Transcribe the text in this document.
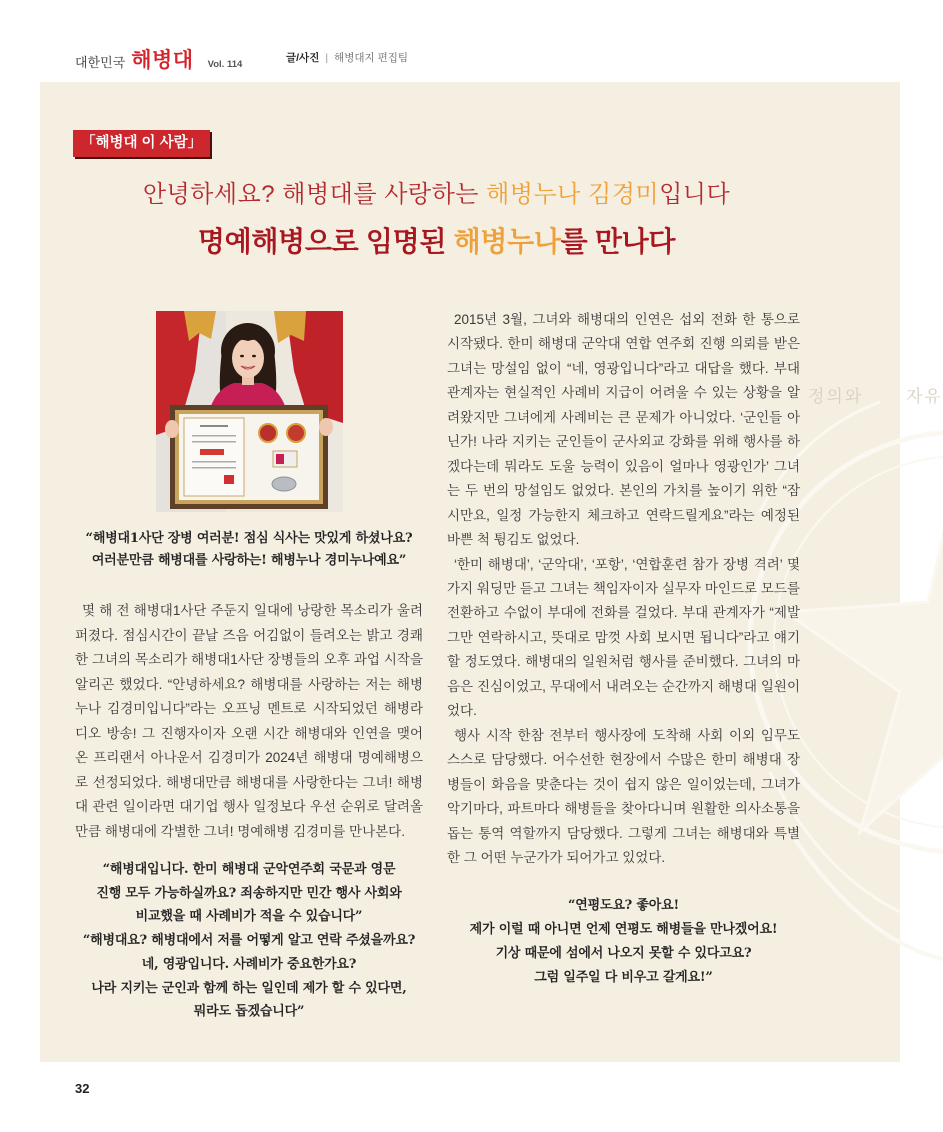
대한민국 해병대 Vol. 114
글/사진 | 해병대지 편집팀
정의와 자유
「해병대 이 사람」
안녕하세요? 해병대를 사랑하는 해병누나 김경미입니다
명예해병으로 임명된 해병누나를 만나다
“해병대1사단 장병 여러분! 점심 식사는 맛있게 하셨나요?
여러분만큼 해병대를 사랑하는! 해병누나 경미누나예요”

몇 해 전 해병대1사단 주둔지 일대에 낭랑한 목소리가 울려 퍼졌다. 점심시간이 끝날 즈음 어김없이 들려오는 밝고 경쾌한 그녀의 목소리가 해병대1사단 장병들의 오후 과업 시작을 알리곤 했었다. “안녕하세요? 해병대를 사랑하는 저는 해병누나 김경미입니다”라는 오프닝 멘트로 시작되었던 해병라디오 방송! 그 진행자이자 오랜 시간 해병대와 인연을 맺어 온 프리랜서 아나운서 김경미가 2024년 해병대 명예해병으로 선정되었다. 해병대만큼 해병대를 사랑한다는 그녀! 해병대 관련 일이라면 대기업 행사 일정보다 우선 순위로 달려올 만큼 해병대에 각별한 그녀! 명예해병 김경미를 만나본다.

“해병대입니다. 한미 해병대 군악연주회 국문과 영문
진행 모두 가능하실까요? 죄송하지만 민간 행사 사회와
비교했을 때 사례비가 적을 수 있습니다”
“해병대요? 해병대에서 저를 어떻게 알고 연락 주셨을까요?
네, 영광입니다. 사례비가 중요한가요?
나라 지키는 군인과 함께 하는 일인데 제가 할 수 있다면,
뭐라도 돕겠습니다”

2015년 3월, 그녀와 해병대의 인연은 섭외 전화 한 통으로 시작됐다. 한미 해병대 군악대 연합 연주회 진행 의뢰를 받은 그녀는 망설임 없이 “네, 영광입니다”라고 대답을 했다. 부대 관계자는 현실적인 사례비 지급이 어려울 수 있는 상황을 알려왔지만 그녀에게 사례비는 큰 문제가 아니었다. ‘군인들 아닌가! 나라 지키는 군인들이 군사외교 강화를 위해 행사를 하겠다는데 뭐라도 도울 능력이 있음이 얼마나 영광인가’ 그녀는 두 번의 망설임도 없었다. 본인의 가치를 높이기 위한 “잠시만요, 일정 가능한지 체크하고 연락드릴게요”라는 예정된 바쁜 척 튕김도 없었다.

‘한미 해병대’, ‘군악대’, ‘포항’, ‘연합훈련 참가 장병 격려’ 몇가지 워딩만 듣고 그녀는 책임자이자 실무자 마인드로 모드를 전환하고 수없이 부대에 전화를 걸었다. 부대 관계자가 “제발 그만 연락하시고, 뜻대로 맘껏 사회 보시면 됩니다”라고 얘기할 정도였다. 해병대의 일원처럼 행사를 준비했다. 그녀의 마음은 진심이었고, 무대에서 내려오는 순간까지 해병대 일원이었다.

행사 시작 한참 전부터 행사장에 도착해 사회 이외 임무도 스스로 담당했다. 어수선한 현장에서 수많은 한미 해병대 장병들이 화음을 맞춘다는 것이 쉽지 않은 일이었는데, 그녀가 악기마다, 파트마다 해병들을 찾아다니며 원활한 의사소통을 돕는 통역 역할까지 담당했다. 그렇게 그녀는 해병대와 특별한 그 어떤 누군가가 되어가고 있었다.

“연평도요? 좋아요!
제가 이럴 때 아니면 언제 연평도 해병들을 만나겠어요!
기상 때문에 섬에서 나오지 못할 수 있다고요?
그럼 일주일 다 비우고 갈게요!”
32
